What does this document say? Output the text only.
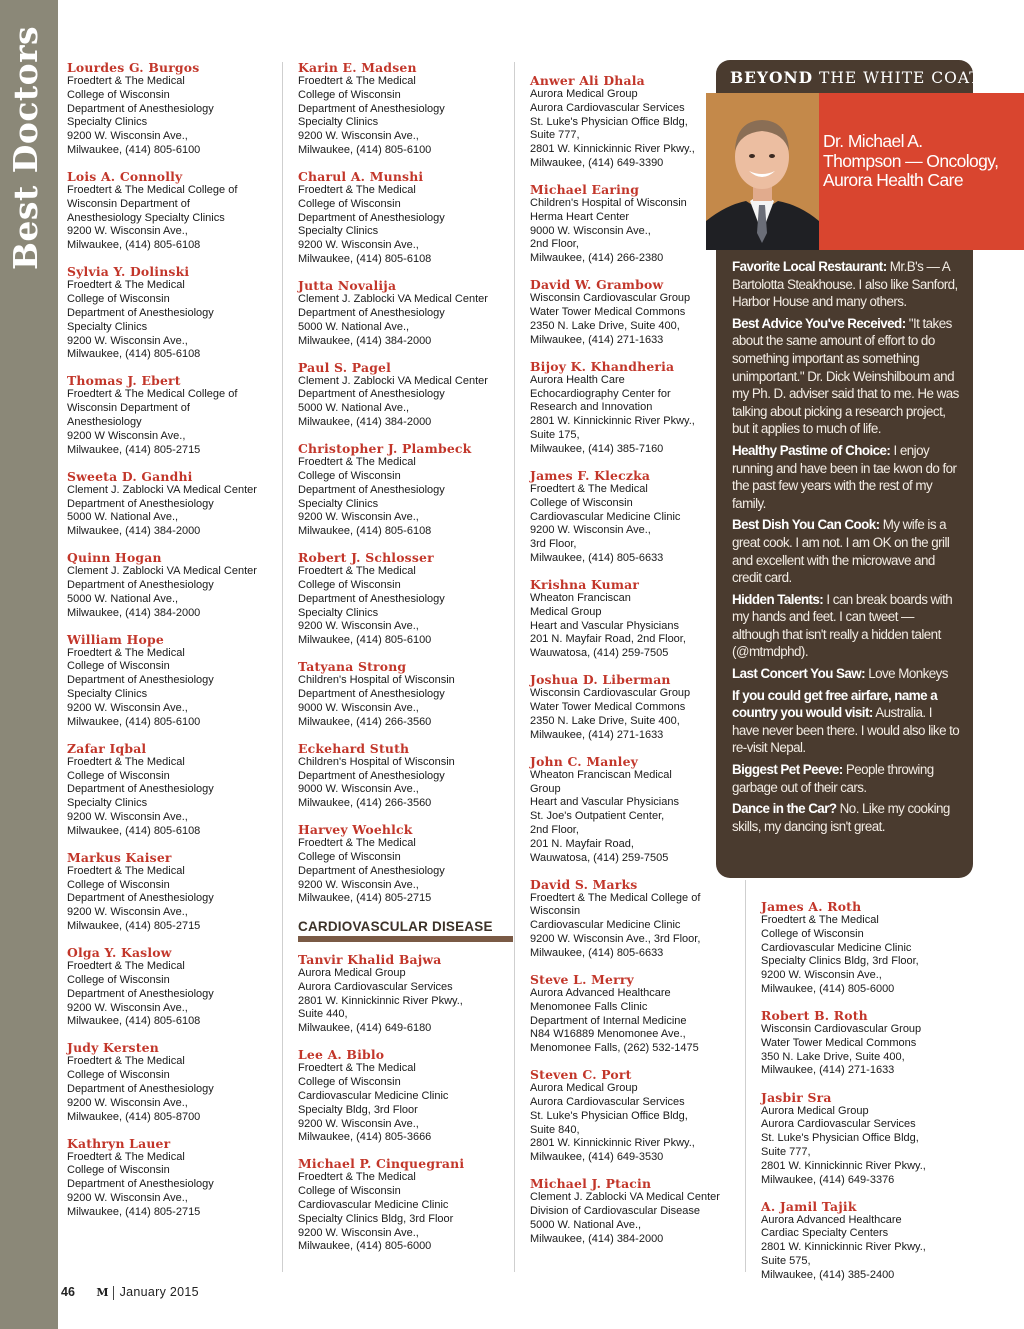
Best Doctors Lourdes G. Burgos
Froedtert & The Medical
College of Wisconsin
Department of Anesthesiology
Specialty Clinics
9200 W. Wisconsin Ave.,
Milwaukee, (414) 805-6100
Lois A. Connolly
Froedtert & The Medical College of
Wisconsin Department of
Anesthesiology Specialty Clinics
9200 W. Wisconsin Ave.,
Milwaukee, (414) 805-6108
Sylvia Y. Dolinski
Froedtert & The Medical
College of Wisconsin
Department of Anesthesiology
Specialty Clinics
9200 W. Wisconsin Ave.,
Milwaukee, (414) 805-6108
Thomas J. Ebert
Froedtert & The Medical College of
Wisconsin Department of
Anesthesiology
9200 W Wisconsin Ave.,
Milwaukee, (414) 805-2715
Sweeta D. Gandhi
Clement J. Zablocki VA Medical Center
Department of Anesthesiology
5000 W. National Ave.,
Milwaukee, (414) 384-2000
Quinn Hogan
Clement J. Zablocki VA Medical Center
Department of Anesthesiology
5000 W. National Ave.,
Milwaukee, (414) 384-2000
William Hope
Froedtert & The Medical
College of Wisconsin
Department of Anesthesiology
Specialty Clinics
9200 W. Wisconsin Ave.,
Milwaukee, (414) 805-6100
Zafar Iqbal
Froedtert & The Medical
College of Wisconsin
Department of Anesthesiology
Specialty Clinics
9200 W. Wisconsin Ave.,
Milwaukee, (414) 805-6108
Markus Kaiser
Froedtert & The Medical
College of Wisconsin
Department of Anesthesiology
9200 W. Wisconsin Ave.,
Milwaukee, (414) 805-2715
Olga Y. Kaslow
Froedtert & The Medical
College of Wisconsin
Department of Anesthesiology
9200 W. Wisconsin Ave.,
Milwaukee, (414) 805-6108
Judy Kersten
Froedtert & The Medical
College of Wisconsin
Department of Anesthesiology
9200 W. Wisconsin Ave.,
Milwaukee, (414) 805-8700
Kathryn Lauer
Froedtert & The Medical
College of Wisconsin
Department of Anesthesiology
9200 W. Wisconsin Ave.,
Milwaukee, (414) 805-2715
Karin E. Madsen
Froedtert & The Medical
College of Wisconsin
Department of Anesthesiology
Specialty Clinics
9200 W. Wisconsin Ave.,
Milwaukee, (414) 805-6100
Charul A. Munshi
Froedtert & The Medical
College of Wisconsin
Department of Anesthesiology
Specialty Clinics
9200 W. Wisconsin Ave.,
Milwaukee, (414) 805-6108
Jutta Novalija
Clement J. Zablocki VA Medical Center
Department of Anesthesiology
5000 W. National Ave.,
Milwaukee, (414) 384-2000
Paul S. Pagel
Clement J. Zablocki VA Medical Center
Department of Anesthesiology
5000 W. National Ave.,
Milwaukee, (414) 384-2000
Christopher J. Plambeck
Froedtert & The Medical
College of Wisconsin
Department of Anesthesiology
Specialty Clinics
9200 W. Wisconsin Ave.,
Milwaukee, (414) 805-6108
Robert J. Schlosser
Froedtert & The Medical
College of Wisconsin
Department of Anesthesiology
Specialty Clinics
9200 W. Wisconsin Ave.,
Milwaukee, (414) 805-6100
Tatyana Strong
Children's Hospital of Wisconsin
Department of Anesthesiology
9000 W. Wisconsin Ave.,
Milwaukee, (414) 266-3560
Eckehard Stuth
Children's Hospital of Wisconsin
Department of Anesthesiology
9000 W. Wisconsin Ave.,
Milwaukee, (414) 266-3560
Harvey Woehlck
Froedtert & The Medical
College of Wisconsin
Department of Anesthesiology
9200 W. Wisconsin Ave.,
Milwaukee, (414) 805-2715
CARDIOVASCULAR DISEASE
Tanvir Khalid Bajwa
Aurora Medical Group
Aurora Cardiovascular Services
2801 W. Kinnickinnic River Pkwy.,
Suite 440,
Milwaukee, (414) 649-6180
Lee A. Biblo
Froedtert & The Medical
College of Wisconsin
Cardiovascular Medicine Clinic
Specialty Bldg, 3rd Floor
9200 W. Wisconsin Ave.,
Milwaukee, (414) 805-3666
Michael P. Cinquegrani
Froedtert & The Medical
College of Wisconsin
Cardiovascular Medicine Clinic
Specialty Clinics Bldg, 3rd Floor
9200 W. Wisconsin Ave.,
Milwaukee, (414) 805-6000
Anwer Ali Dhala
Aurora Medical Group
Aurora Cardiovascular Services
St. Luke's Physician Office Bldg,
Suite 777,
2801 W. Kinnickinnic River Pkwy.,
Milwaukee, (414) 649-3390
Michael Earing
Children's Hospital of Wisconsin
Herma Heart Center
9000 W. Wisconsin Ave.,
2nd Floor,
Milwaukee, (414) 266-2380
David W. Grambow
Wisconsin Cardiovascular Group
Water Tower Medical Commons
2350 N. Lake Drive, Suite 400,
Milwaukee, (414) 271-1633
Bijoy K. Khandheria
Aurora Health Care
Echocardiography Center for
Research and Innovation
2801 W. Kinnickinnic River Pkwy.,
Suite 175,
Milwaukee, (414) 385-7160
James F. Kleczka
Froedtert & The Medical
College of Wisconsin
Cardiovascular Medicine Clinic
9200 W. Wisconsin Ave.,
3rd Floor,
Milwaukee, (414) 805-6633
Krishna Kumar
Wheaton Franciscan
Medical Group
Heart and Vascular Physicians
201 N. Mayfair Road, 2nd Floor,
Wauwatosa, (414) 259-7505
Joshua D. Liberman
Wisconsin Cardiovascular Group
Water Tower Medical Commons
2350 N. Lake Drive, Suite 400,
Milwaukee, (414) 271-1633
John C. Manley
Wheaton Franciscan Medical
Group
Heart and Vascular Physicians
St. Joe's Outpatient Center,
2nd Floor,
201 N. Mayfair Road,
Wauwatosa, (414) 259-7505
David S. Marks
Froedtert & The Medical College of
Wisconsin
Cardiovascular Medicine Clinic
9200 W. Wisconsin Ave., 3rd Floor,
Milwaukee, (414) 805-6633
Steve L. Merry
Aurora Advanced Healthcare
Menomonee Falls Clinic
Department of Internal Medicine
N84 W16889 Menomonee Ave.,
Menomonee Falls, (262) 532-1475
Steven C. Port
Aurora Medical Group
Aurora Cardiovascular Services
St. Luke's Physician Office Bldg,
Suite 840,
2801 W. Kinnickinnic River Pkwy.,
Milwaukee, (414) 649-3530
Michael J. Ptacin
Clement J. Zablocki VA Medical Center
Division of Cardiovascular Disease
5000 W. National Ave.,
Milwaukee, (414) 384-2000
James A. Roth
Froedtert & The Medical
College of Wisconsin
Cardiovascular Medicine Clinic
Specialty Clinics Bldg, 3rd Floor,
9200 W. Wisconsin Ave.,
Milwaukee, (414) 805-6000
Robert B. Roth
Wisconsin Cardiovascular Group
Water Tower Medical Commons
350 N. Lake Drive, Suite 400,
Milwaukee, (414) 271-1633
Jasbir Sra
Aurora Medical Group
Aurora Cardiovascular Services
St. Luke's Physician Office Bldg,
Suite 777,
2801 W. Kinnickinnic River Pkwy.,
Milwaukee, (414) 649-3376
A. Jamil Tajik
Aurora Advanced Healthcare
Cardiac Specialty Centers
2801 W. Kinnickinnic River Pkwy.,
Suite 575,
Milwaukee, (414) 385-2400
BEYOND THE WHITE COAT
Dr. Michael A. Thompson — Oncology, Aurora Health Care

Favorite Local Restaurant: Mr.B's — A Bartolotta Steakhouse. I also like Sanford, Harbor House and many others.

Best Advice You've Received: "It takes about the same amount of effort to do something important as something unimportant." Dr. Dick Weinshilboum and my Ph. D. adviser said that to me. He was talking about picking a research project, but it applies to much of life.

Healthy Pastime of Choice: I enjoy running and have been in tae kwon do for the past few years with the rest of my family.

Best Dish You Can Cook: My wife is a great cook. I am not. I am OK on the grill and excellent with the microwave and credit card.

Hidden Talents: I can break boards with my hands and feet. I can tweet — although that isn't really a hidden talent (@mtmdphd).

Last Concert You Saw: Love Monkeys

If you could get free airfare, name a country you would visit: Australia. I have never been there. I would also like to re-visit Nepal.

Biggest Pet Peeve: People throwing garbage out of their cars.

Dance in the Car? No. Like my cooking skills, my dancing isn't great.

46 M January 2015
